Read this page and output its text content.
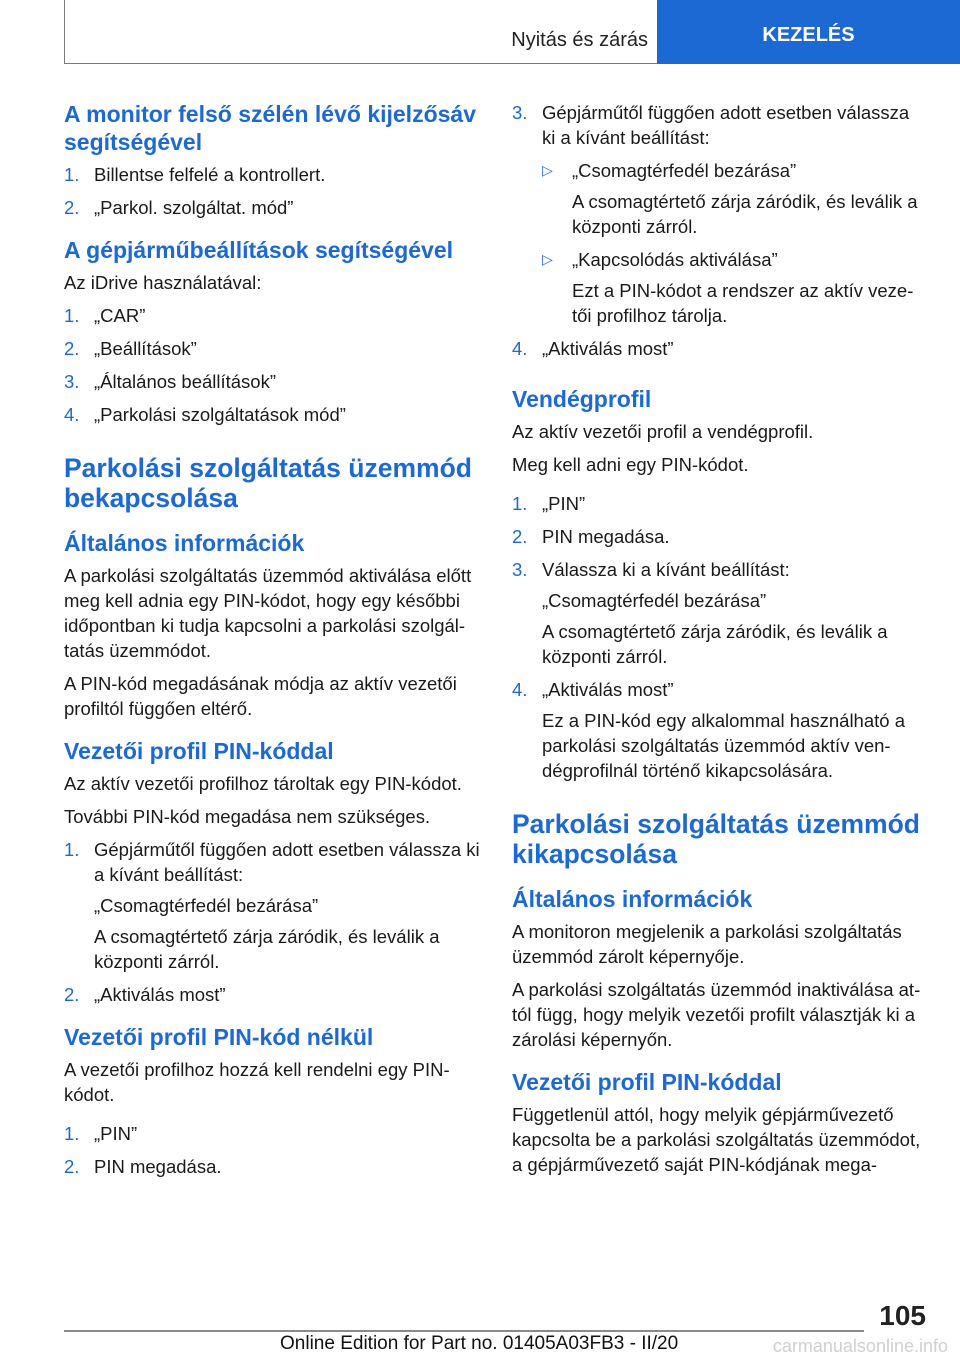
Nyitás és zárás	KEZELÉS
A monitor felső szélén lévő kijelzősáv segítségével
1. Billentse felfelé a kontrollert.
2. „Parkol. szolgáltat. mód”
A gépjárműbeállítások segítségével

Az iDrive használatával:

1. „CAR”
2. „Beállítások”
3. „Általános beállítások”
4. „Parkolási szolgáltatások mód”
Parkolási szolgáltatás üzemmód bekapcsolása
Általános információk

A parkolási szolgáltatás üzemmód aktiválása előtt meg kell adnia egy PIN-kódot, hogy egy későbbi időpontban ki tudja kapcsolni a parkolási szolgáltatás üzemmódot.

A PIN-kód megadásának módja az aktív vezetői profiltól függően eltérő.

Vezetői profil PIN-kóddal

Az aktív vezetői profilhoz tároltak egy PIN-kódot.

További PIN-kód megadása nem szükséges.

1. Gépjárműtől függően adott esetben válassza ki a kívánt beállítást:

„Csomagtérfedél bezárása”

A csomagtértető zárja záródik, és leválik a központi zárról.

2. „Aktiválás most”
Vezetői profil PIN-kód nélkül

A vezetői profilhoz hozzá kell rendelni egy PIN-kódot.

1. „PIN”
2. PIN megadása.
3. Gépjárműtől függően adott esetben válassza ki a kívánt beállítást:
▷ „Csomagtérfedél bezárása”

A csomagtértető zárja záródik, és leválik a központi zárról.

▷ „Kapcsolódás aktiválása”

Ezt a PIN-kódot a rendszer az aktív vezetői profilhoz tárolja.

4. „Aktiválás most”
Vendégprofil

Az aktív vezetői profil a vendégprofil.

Meg kell adni egy PIN-kódot.

1. „PIN”
2. PIN megadása.
3. Válassza ki a kívánt beállítást:

„Csomagtérfedél bezárása”

A csomagtértető zárja záródik, és leválik a központi zárról.

4. „Aktiválás most”

Ez a PIN-kód egy alkalommal használható a parkolási szolgáltatás üzemmód aktív vendégprofilnál történő kikapcsolására.

Parkolási szolgáltatás üzemmód kikapcsolása
Általános információk

A monitoron megjelenik a parkolási szolgáltatás üzemmód zárolt képernyője.

A parkolási szolgáltatás üzemmód inaktiválása attól függ, hogy melyik vezetői profilt választják ki a zárolási képernyőn.

Vezetői profil PIN-kóddal

Függetlenül attól, hogy melyik gépjárművezető kapcsolta be a parkolási szolgáltatás üzemmódot, a gépjárművezető saját PIN-kódjának mega-

105
Online Edition for Part no. 01405A03FB3 - II/20	carmanualsonline.info
